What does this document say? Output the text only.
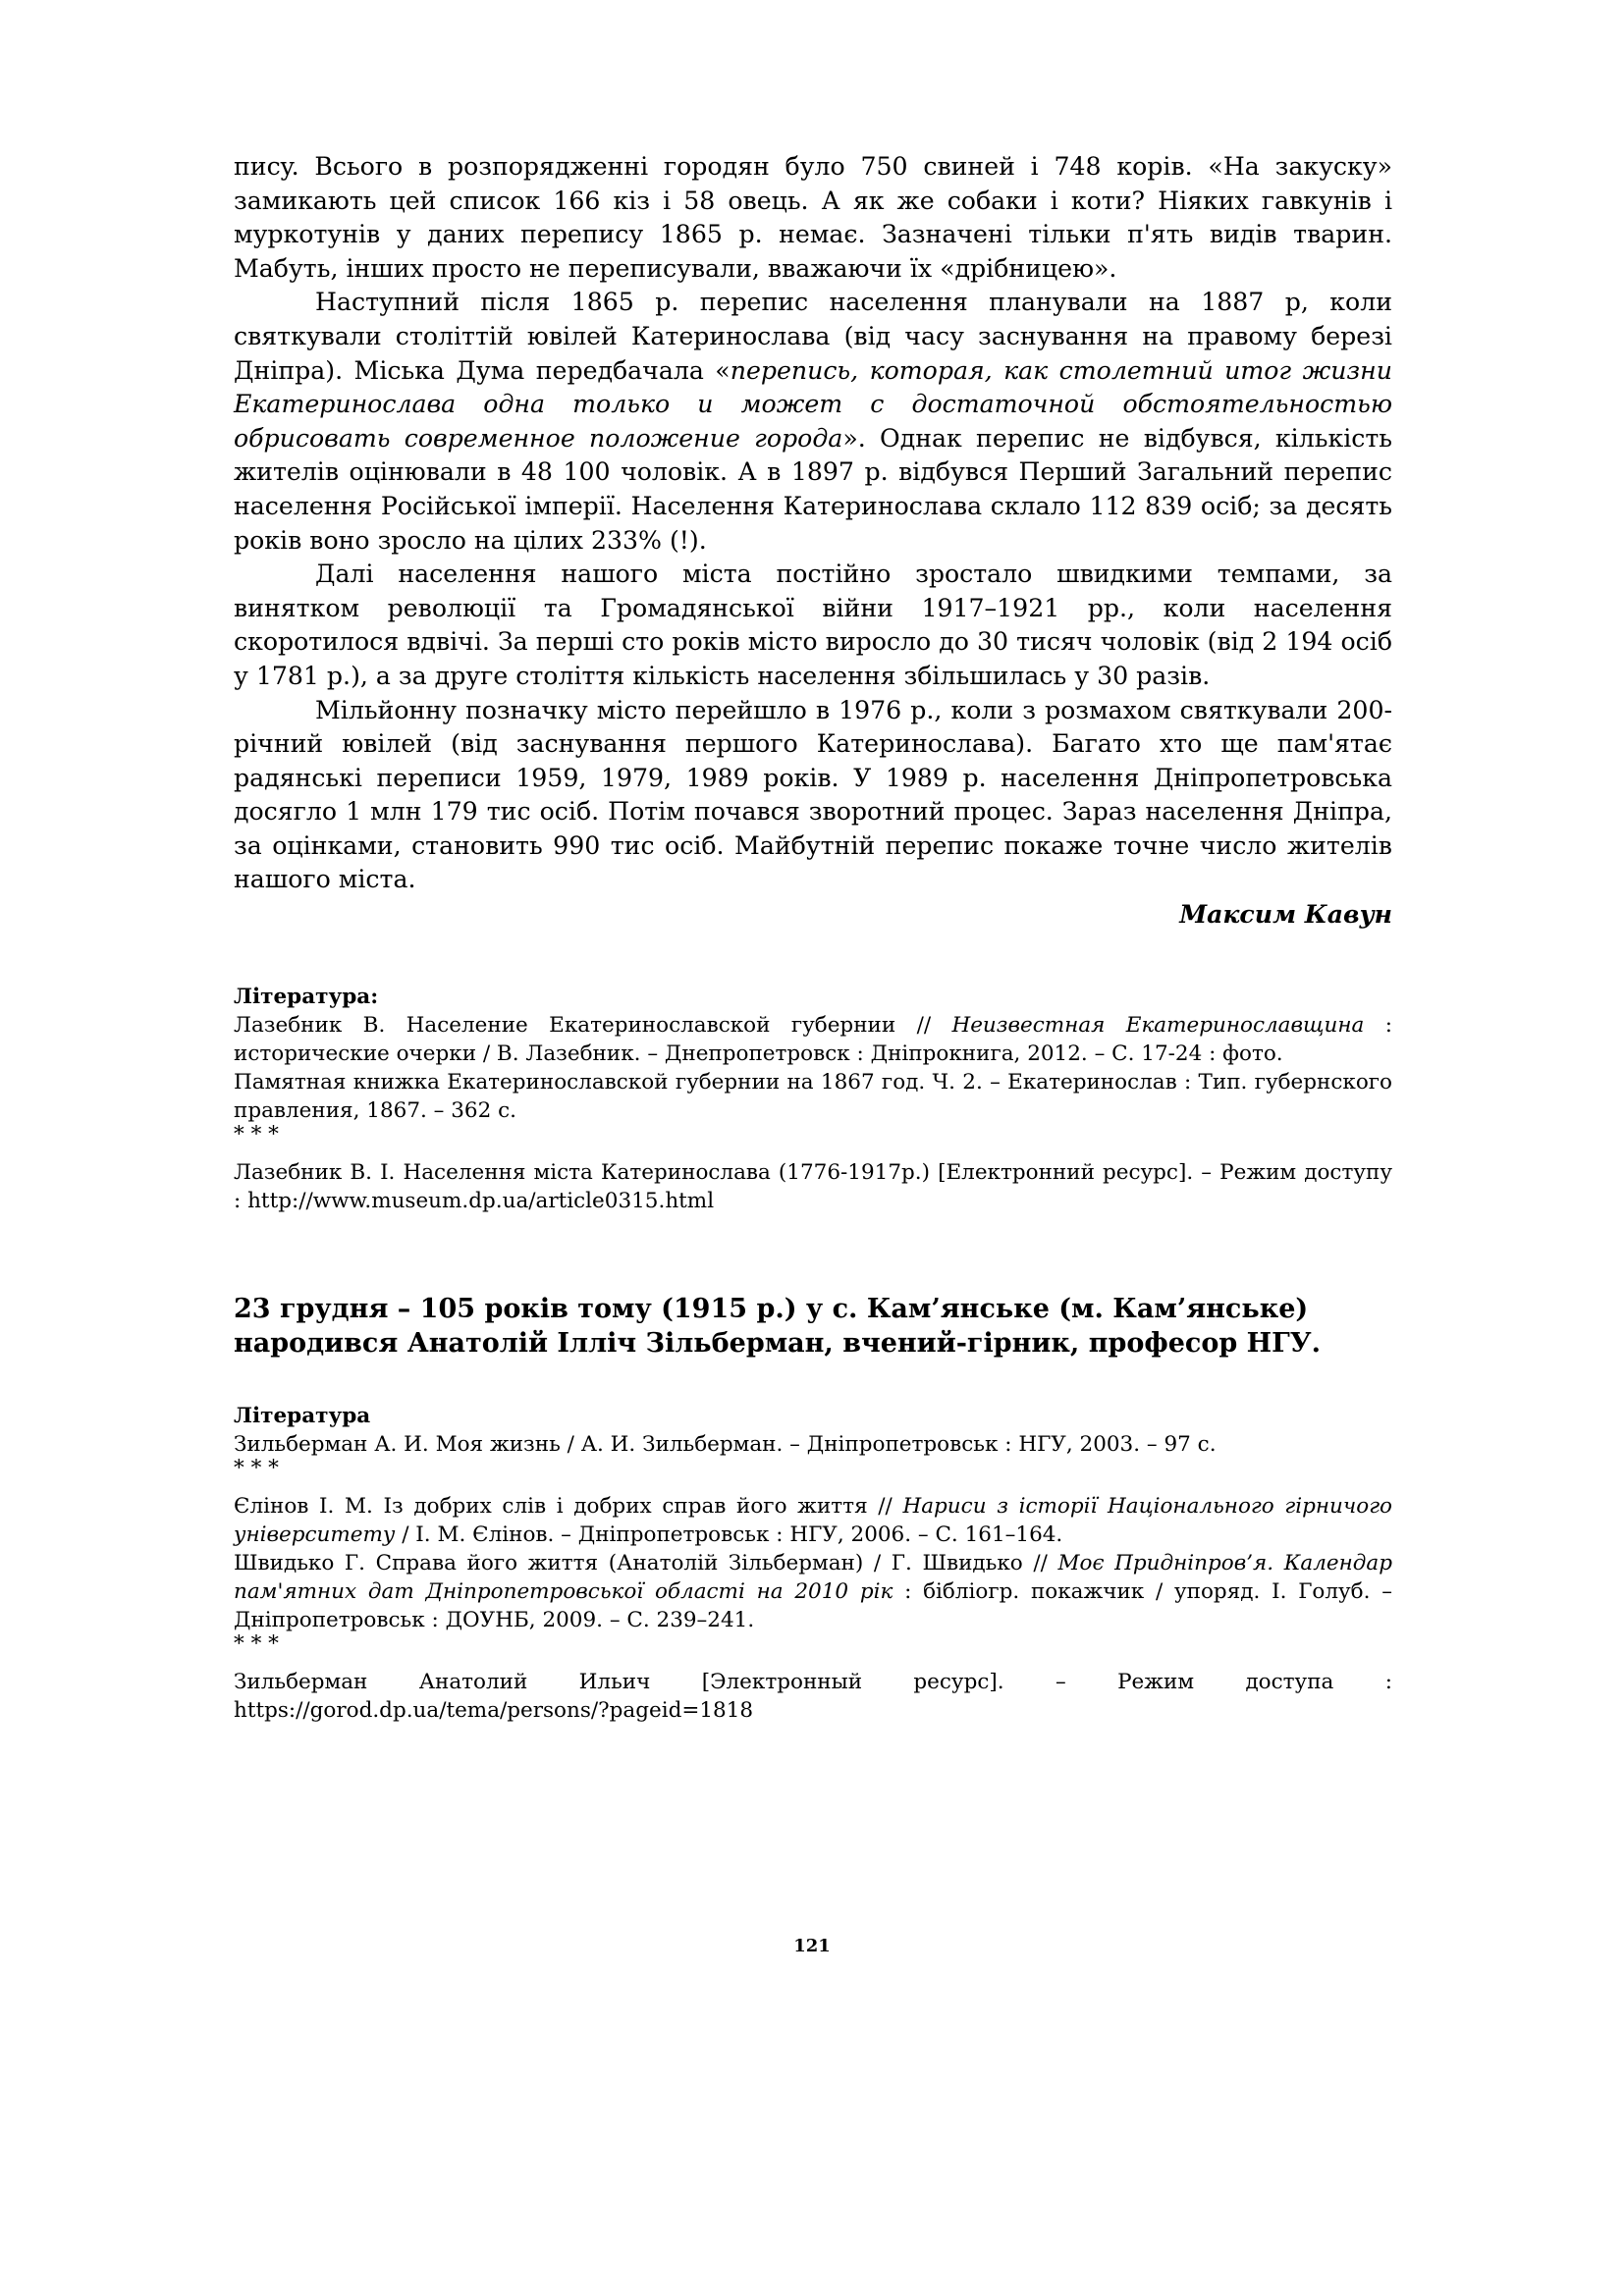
писy. Всього в розпорядженні городян було 750 свиней і 748 корів. «На закуску» замикають цей список 166 кіз і 58 овець. А як же собаки і коти? Ніяких гавкунів і муркотунів у даних перепису 1865 р. немає. Зазначені тільки п'ять видів тварин. Мабуть, інших просто не переписували, вважаючи їх «дрібницею».

Наступний після 1865 р. перепис населення планували на 1887 р, коли святкували століттій ювілей Катеринослава (від часу заснування на правому березі Дніпра). Міська Дума передбачала «перепись, которая, как столетний итог жизни Екатеринослава одна только и может с достаточной обстоятельностью обрисовать современное положение города». Однак перепис не відбувся, кількість жителів оцінювали в 48 100 чоловік. А в 1897 р. відбувся Перший Загальний перепис населення Російської імперії. Населення Катеринослава склало 112 839 осіб; за десять років воно зросло на цілих 233% (!).

Далі населення нашого міста постійно зростало швидкими темпами, за винятком революції та Громадянської війни 1917–1921 рр., коли населення скоротилося вдвічі. За перші сто років місто виросло до 30 тисяч чоловік (від 2 194 осіб у 1781 р.), а за друге століття кількість населення збільшилась у 30 разів.

Мільйонну позначку місто перейшло в 1976 р., коли з розмахом святкували 200-річний ювілей (від заснування першого Катеринослава). Багато хто ще пам'ятає радянські переписи 1959, 1979, 1989 років. У 1989 р. населення Дніпропетровська досягло 1 млн 179 тис осіб. Потім почався зворотний процес. Зараз населення Дніпра, за оцінками, становить 990 тис осіб. Майбутній перепис покаже точне число жителів нашого міста.

Максим Кавун

Література:

Лазебник В. Население Екатеринославской губернии // Неизвестная Екатеринославщина : исторические очерки / В. Лазебник. – Днепропетровск : Дніпрокнига, 2012. – С. 17-24 : фото.

Памятная книжка Екатеринославской губернии на 1867 год. Ч. 2. – Екатеринослав : Тип. губернского правления, 1867. – 362 с.

* * *

Лазебник В. І. Населення міста Катеринослава (1776-1917р.) [Електронний ресурс]. – Режим доступу : http://www.museum.dp.ua/article0315.html

23 грудня – 105 років тому (1915 р.) у с. Кам’янське (м. Кам’янське) народився Анатолій Ілліч Зільберман, вчений-гірник, професор НГУ.

Література

Зильберман А. И. Моя жизнь / А. И. Зильберман. – Дніпропетровськ : НГУ, 2003. – 97 с.

* * *

Єлінов І. М. Із добрих слів і добрих справ його життя // Нариси з історії Національного гірничого університету / І. М. Єлінов. – Дніпропетровськ : НГУ, 2006. – С. 161–164.

Швидько Г. Справа його життя (Анатолій Зільберман) / Г. Швидько // Моє Придніпров’я. Календар пам'ятних дат Дніпропетровської області на 2010 рік : бібліогр. покажчик / упоряд. І. Голуб. – Дніпропетровськ : ДОУНБ, 2009. – С. 239–241.

* * *

Зильберман Анатолий Ильич [Электронный ресурс]. – Режим доступа :

https://gorod.dp.ua/tema/persons/?pageid=1818

121
